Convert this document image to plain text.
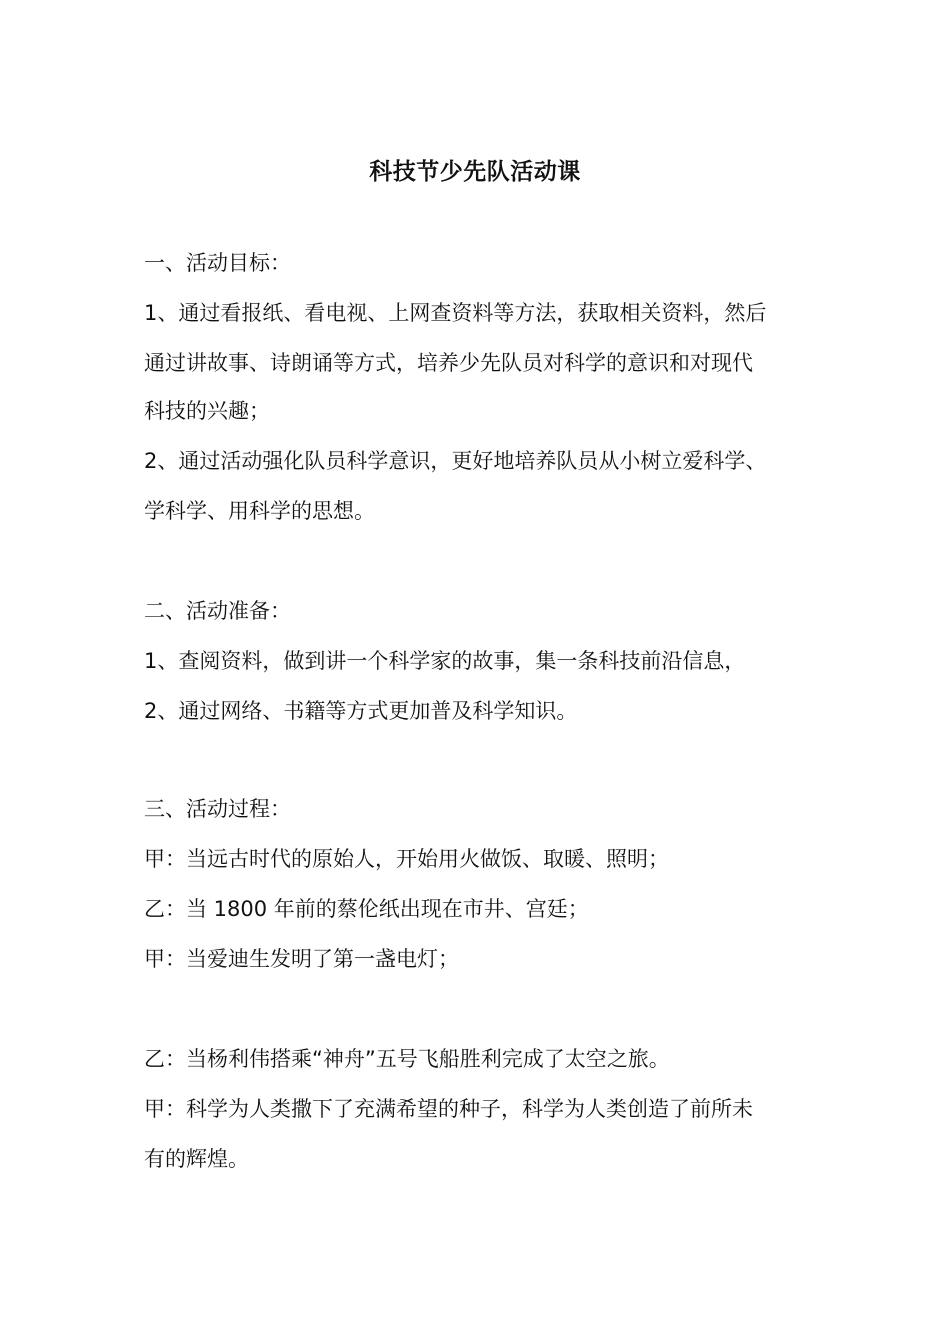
科技节少先队活动课
一、活动目标：
1、通过看报纸、看电视、上网查资料等方法，获取相关资料，然后
通过讲故事、诗朗诵等方式，培养少先队员对科学的意识和对现代
科技的兴趣；
2、通过活动强化队员科学意识，更好地培养队员从小树立爱科学、
学科学、用科学的思想。
二、活动准备：
1、查阅资料，做到讲一个科学家的故事，集一条科技前沿信息，
2、通过网络、书籍等方式更加普及科学知识。
三、活动过程：
甲：当远古时代的原始人，开始用火做饭、取暖、照明；
乙：当 1800 年前的蔡伦纸出现在市井、宫廷；
甲：当爱迪生发明了第一盏电灯；
乙：当杨利伟搭乘“神舟”五号飞船胜利完成了太空之旅。
甲：科学为人类撒下了充满希望的种子，科学为人类创造了前所未
有的辉煌。
